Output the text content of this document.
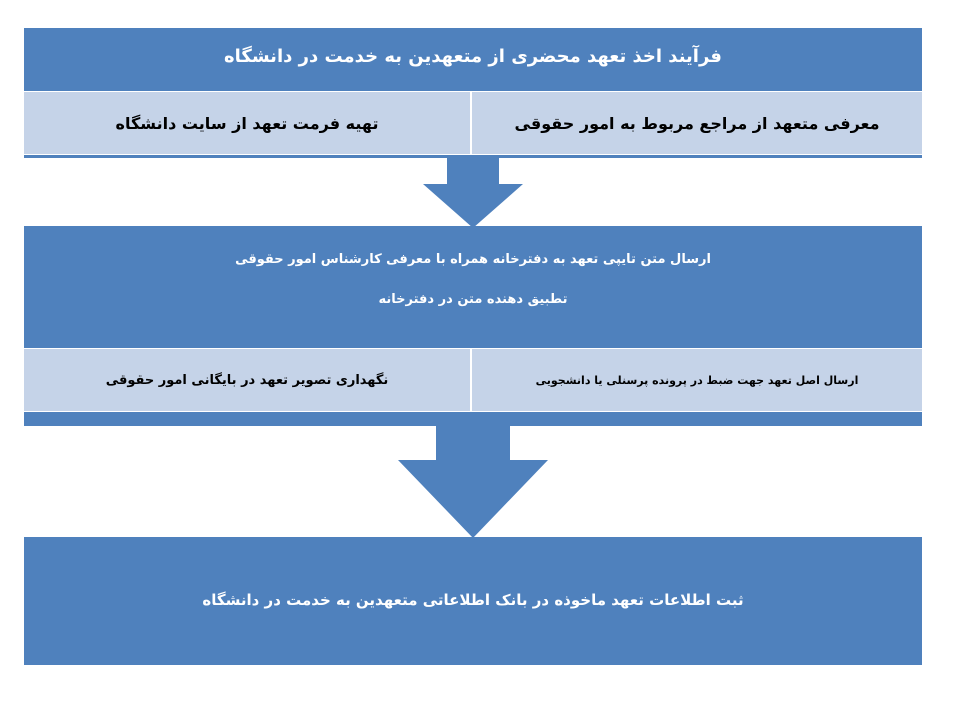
فرآیند اخذ تعهد محضری از متعهدین به خدمت در دانشگاه
معرفی متعهد از مراجع مربوط به امور حقوقی
تهیه فرمت تعهد از سایت دانشگاه
ارسال متن تایپی تعهد به دفترخانه همراه با معرفی کارشناس امور حقوقی
تطبیق دهنده متن در دفترخانه
ارسال اصل تعهد جهت ضبط در پرونده پرسنلی یا دانشجویی
نگهداری تصویر تعهد در بایگانی امور حقوقی
ثبت اطلاعات تعهد ماخوذه در بانک اطلاعاتی متعهدین به خدمت در دانشگاه
